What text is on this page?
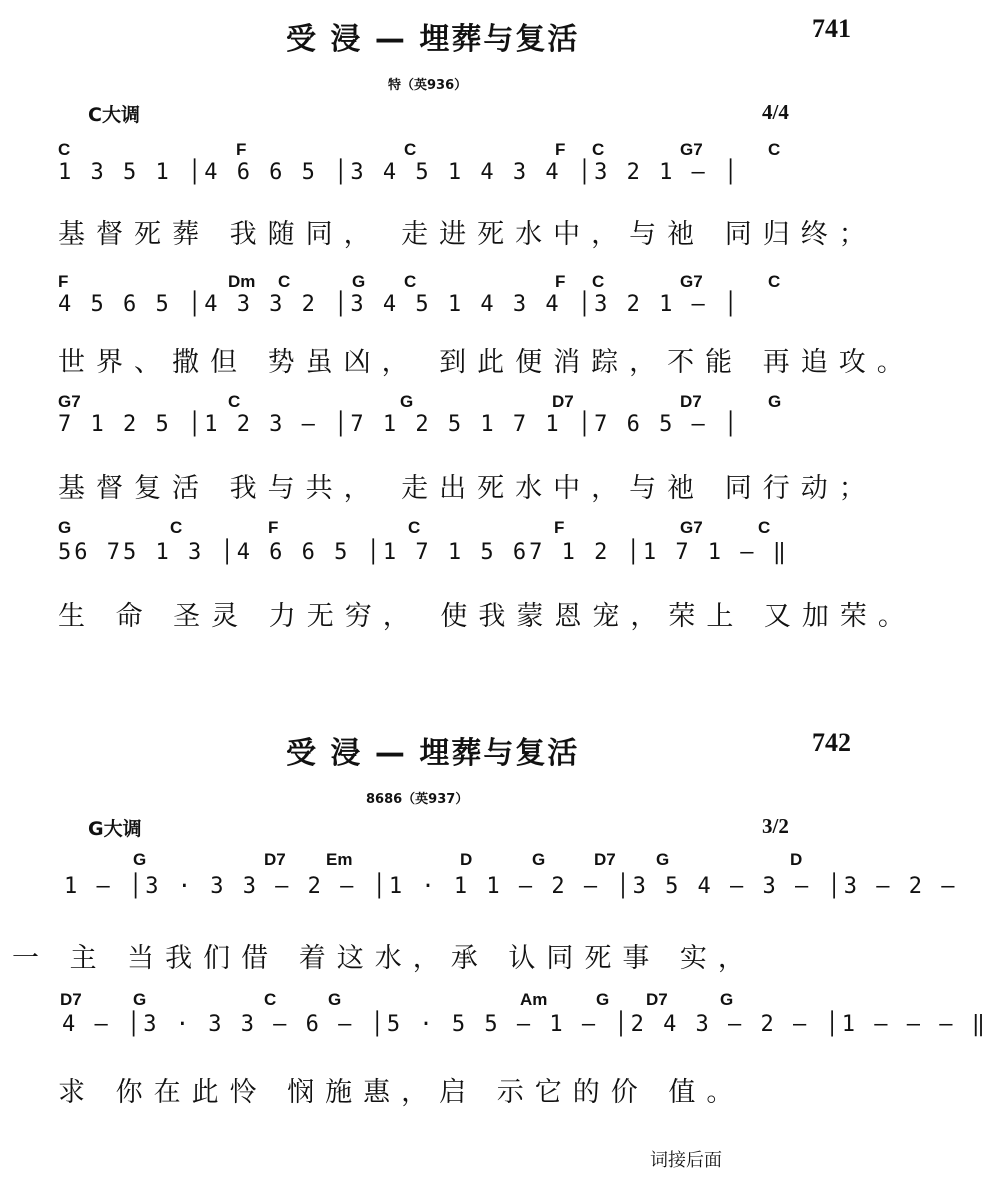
受 浸 — 埋葬与复活	741
特（英936）
C大调	4/4
C	F	C	F C	G7	C
1 3 5 1 │4 6 6 5 │3 4 5 1 4 3 4 │3 2 1 — │
基督死葬 我随同， 走进死水中，与祂 同归终；
F	Dm C	G C	F C	G7	C
4 5 6 5 │4 3 3 2 │3 4 5 1 4 3 4 │3 2 1 — │
世界、撒但 势虽凶， 到此便消踪，不能 再追攻。
G7	C	G	D7	D7	G
7 1 2 5 │1 2 3 — │7 1 2 5 1 7 1 │7 6 5 — │
基督复活 我与共， 走出死水中，与祂 同行动；
G	C	F	C	F	G7	C
56 75 1 3 │4 6 6 5 │1 7 1 5 67 1 2 │1 7 1 — ‖
生 命 圣灵 力无穷， 使我蒙恩宠，荣上 又加荣。
受 浸 — 埋葬与复活	742
8686（英937）
G大调	3/2
G	D7 Em	D	G	D7 G	D
1 — │3 · 3 3 — 2 — │1 · 1 1 — 2 — │3 5 4 — 3 — │3 — 2 —
一 主 当我们借 着这水，承 认同死事 实，
D7	G	C	G	Am	G D7	G
4 — │3 · 3 3 — 6 — │5 · 5 5 — 1 — │2 4 3 — 2 — │1 — — — ‖
求 你在此怜 悯施惠，启 示它的价 值。
词接后面
